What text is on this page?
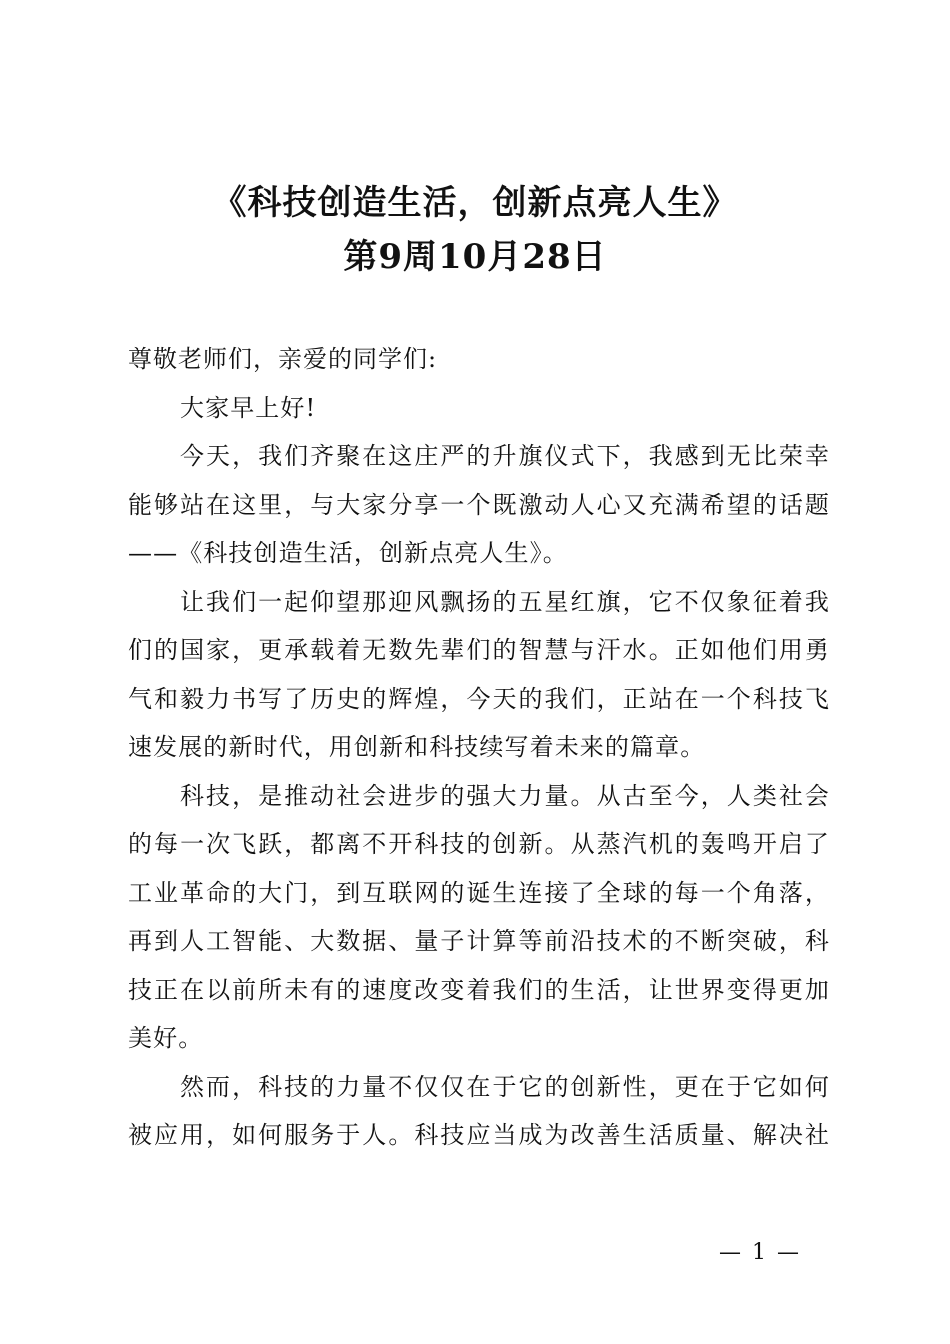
《科技创造生活，创新点亮人生》
第9周10月28日

尊敬老师们，亲爱的同学们:

大家早上好!

今天，我们齐聚在这庄严的升旗仪式下，我感到无比荣幸
能够站在这里，与大家分享一个既激动人心又充满希望的话题
——《科技创造生活，创新点亮人生》。

让我们一起仰望那迎风飘扬的五星红旗，它不仅象征着我
们的国家，更承载着无数先辈们的智慧与汗水。正如他们用勇
气和毅力书写了历史的辉煌，今天的我们，正站在一个科技飞
速发展的新时代，用创新和科技续写着未来的篇章。

科技，是推动社会进步的强大力量。从古至今，人类社会
的每一次飞跃，都离不开科技的创新。从蒸汽机的轰鸣开启了
工业革命的大门，到互联网的诞生连接了全球的每一个角落，
再到人工智能、大数据、量子计算等前沿技术的不断突破，科
技正在以前所未有的速度改变着我们的生活，让世界变得更加
美好。

然而，科技的力量不仅仅在于它的创新性，更在于它如何
被应用，如何服务于人。科技应当成为改善生活质量、解决社

— 1 —
